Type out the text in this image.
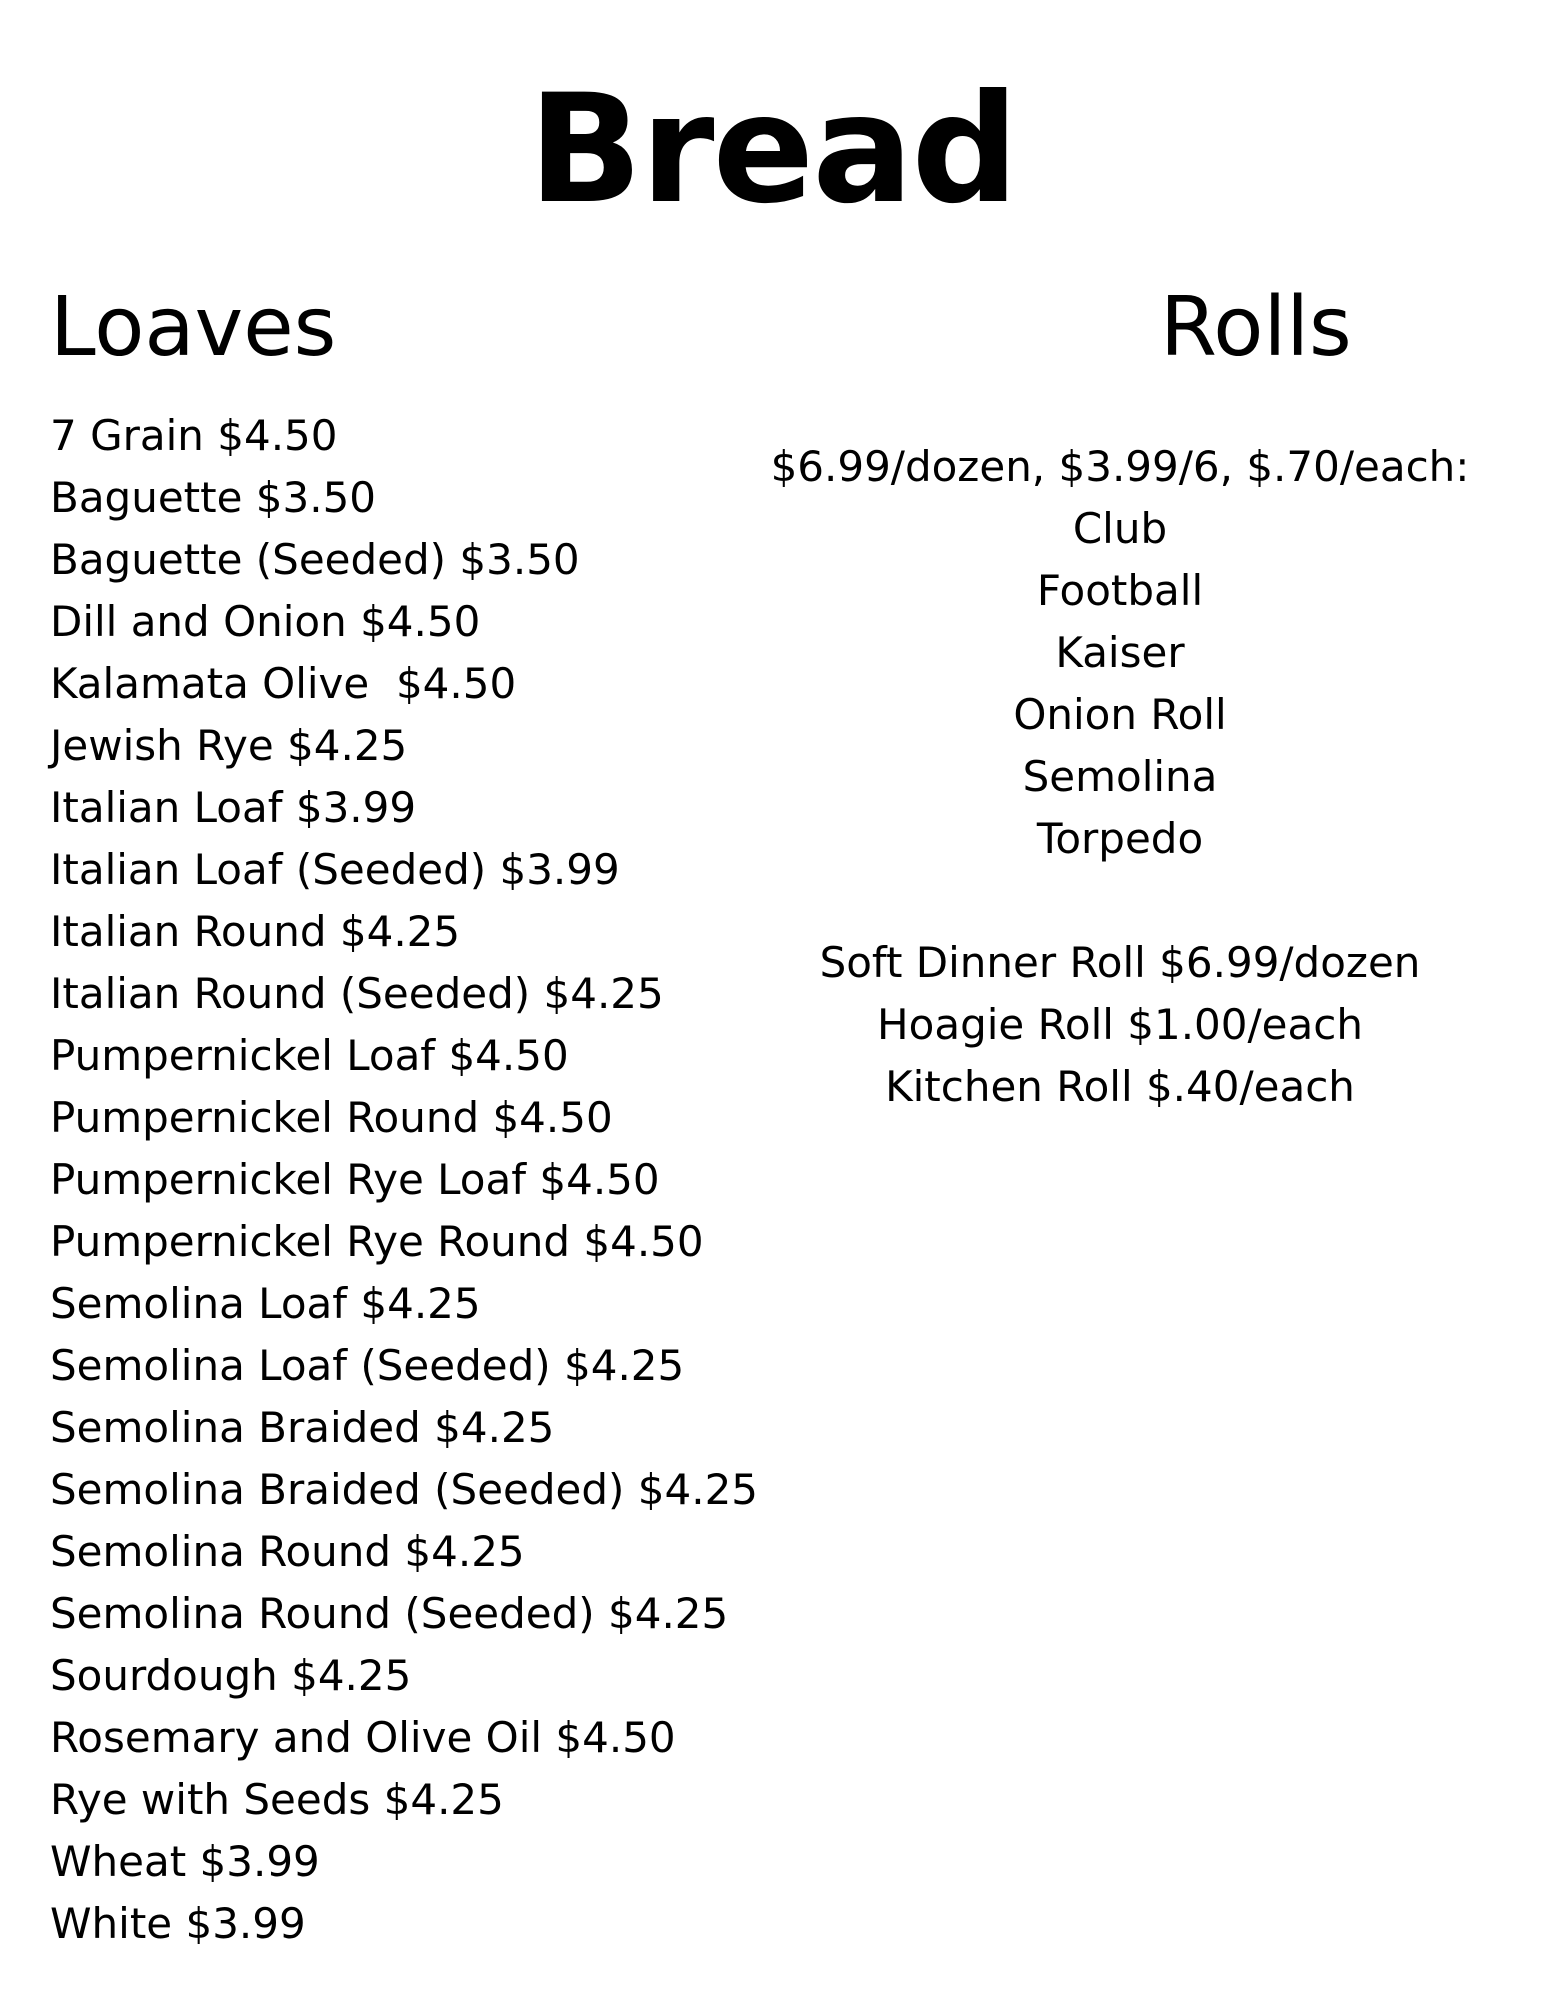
Bread
Loaves	Rolls
7 Grain $4.50
Baguette $3.50
Baguette (Seeded) $3.50
Dill and Onion $4.50
Kalamata Olive  $4.50
Jewish Rye $4.25
Italian Loaf $3.99
Italian Loaf (Seeded) $3.99
Italian Round $4.25
Italian Round (Seeded) $4.25
Pumpernickel Loaf $4.50
Pumpernickel Round $4.50
Pumpernickel Rye Loaf $4.50
Pumpernickel Rye Round $4.50
Semolina Loaf $4.25
Semolina Loaf (Seeded) $4.25
Semolina Braided $4.25
Semolina Braided (Seeded) $4.25
Semolina Round $4.25
Semolina Round (Seeded) $4.25
Sourdough $4.25
Rosemary and Olive Oil $4.50
Rye with Seeds $4.25
Wheat $3.99
White $3.99
$6.99/dozen, $3.99/6, $.70/each:
Club
Football
Kaiser
Onion Roll
Semolina
Torpedo
Soft Dinner Roll $6.99/dozen
Hoagie Roll $1.00/each
Kitchen Roll $.40/each
